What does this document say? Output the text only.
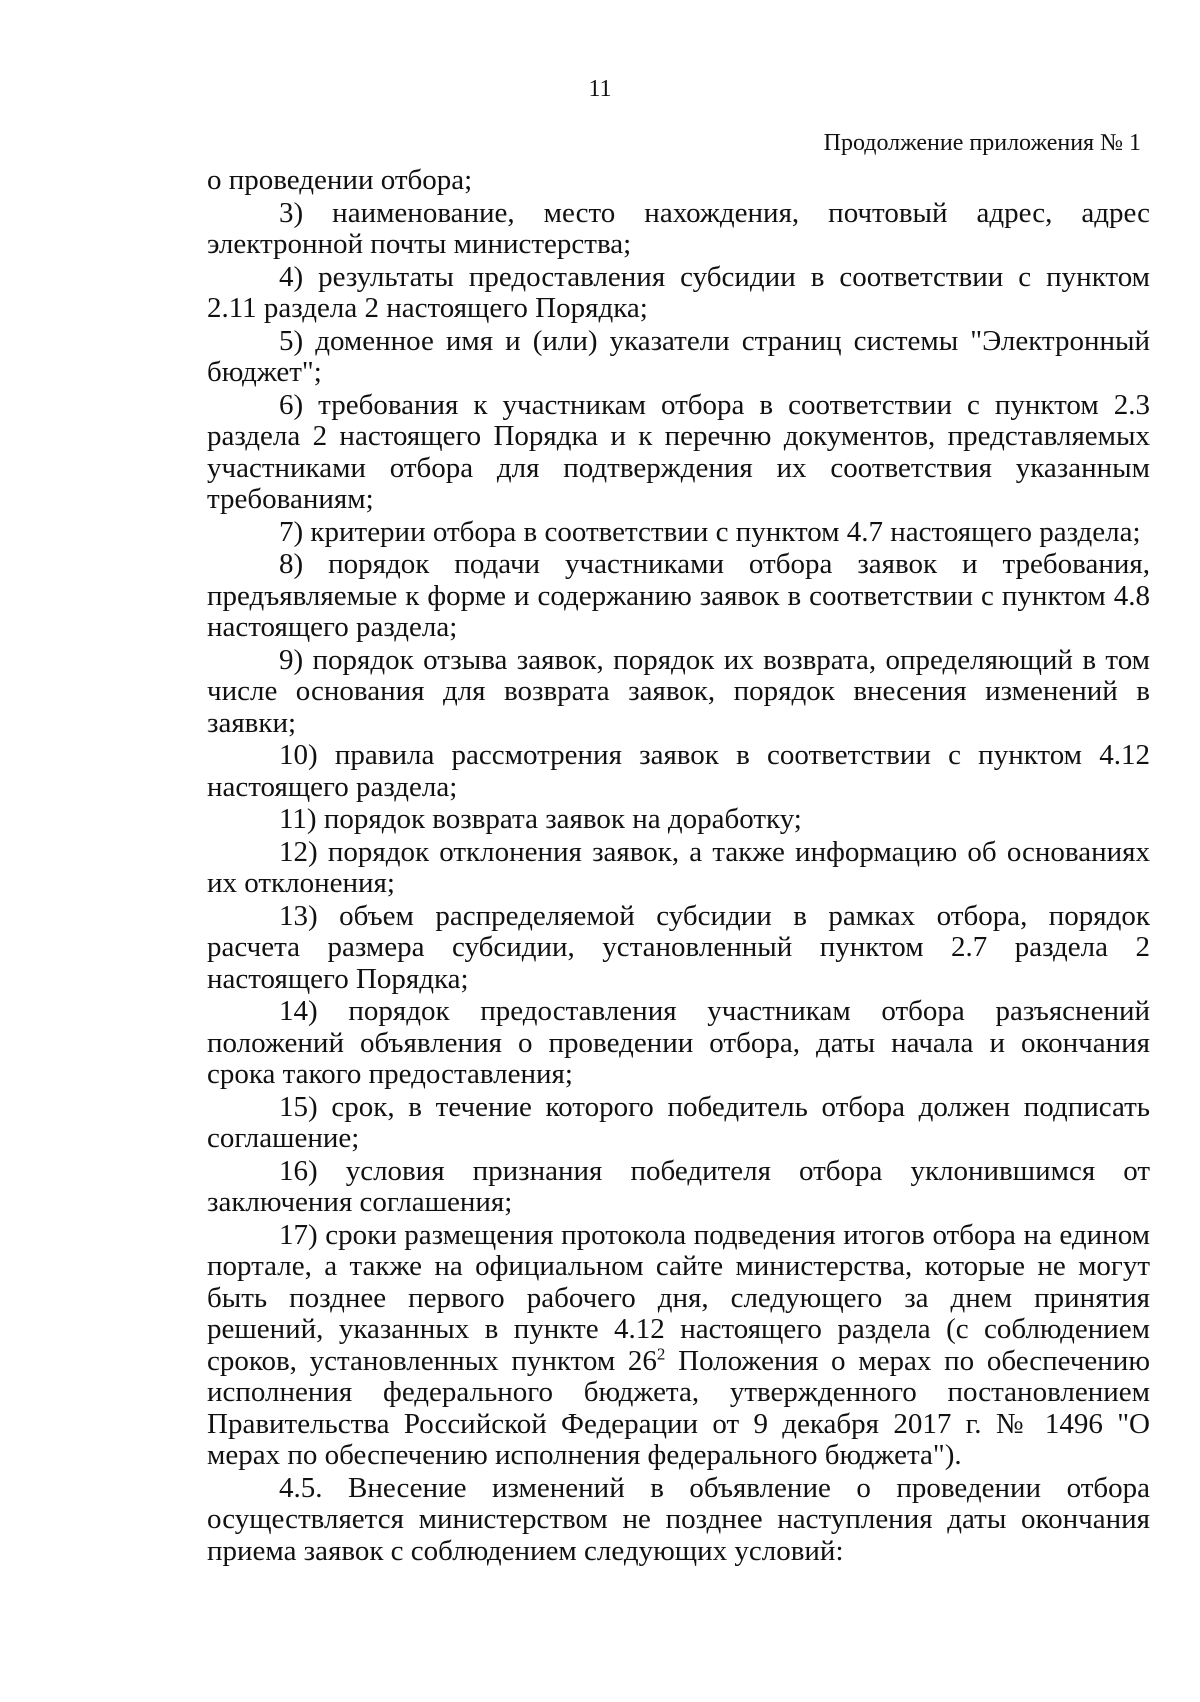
11
Продолжение приложения № 1

о проведении отбора;

3) наименование, место нахождения, почтовый адрес, адрес электронной почты министерства;

4) результаты предоставления субсидии в соответствии с пунктом 2.11 раздела 2 настоящего Порядка;

5) доменное имя и (или) указатели страниц системы "Электронный бюджет";

6) требования к участникам отбора в соответствии с пунктом 2.3 раздела 2 настоящего Порядка и к перечню документов, представляемых участниками отбора для подтверждения их соответствия указанным требованиям;

7) критерии отбора в соответствии с пунктом 4.7 настоящего раздела;

8) порядок подачи участниками отбора заявок и требования, предъявляемые к форме и содержанию заявок в соответствии с пунктом 4.8 настоящего раздела;

9) порядок отзыва заявок, порядок их возврата, определяющий в том числе основания для возврата заявок, порядок внесения изменений в заявки;

10) правила рассмотрения заявок в соответствии с пунктом 4.12 настоящего раздела;

11) порядок возврата заявок на доработку;

12) порядок отклонения заявок, а также информацию об основаниях их отклонения;

13) объем распределяемой субсидии в рамках отбора, порядок расчета размера субсидии, установленный пунктом 2.7 раздела 2 настоящего Порядка;

14) порядок предоставления участникам отбора разъяснений положений объявления о проведении отбора, даты начала и окончания срока такого предоставления;

15) срок, в течение которого победитель отбора должен подписать соглашение;

16) условия признания победителя отбора уклонившимся от заключения соглашения;

17) сроки размещения протокола подведения итогов отбора на едином портале, а также на официальном сайте министерства, которые не могут быть позднее первого рабочего дня, следующего за днем принятия решений, указанных в пункте 4.12 настоящего раздела (с соблюдением сроков, установленных пунктом $26^2$ Положения о мерах по обеспечению исполнения федерального бюджета, утвержденного постановлением Правительства Российской Федерации от 9 декабря 2017 г. № 1496 "О мерах по обеспечению исполнения федерального бюджета").

4.5. Внесение изменений в объявление о проведении отбора осуществляется министерством не позднее наступления даты окончания приема заявок с соблюдением следующих условий:
